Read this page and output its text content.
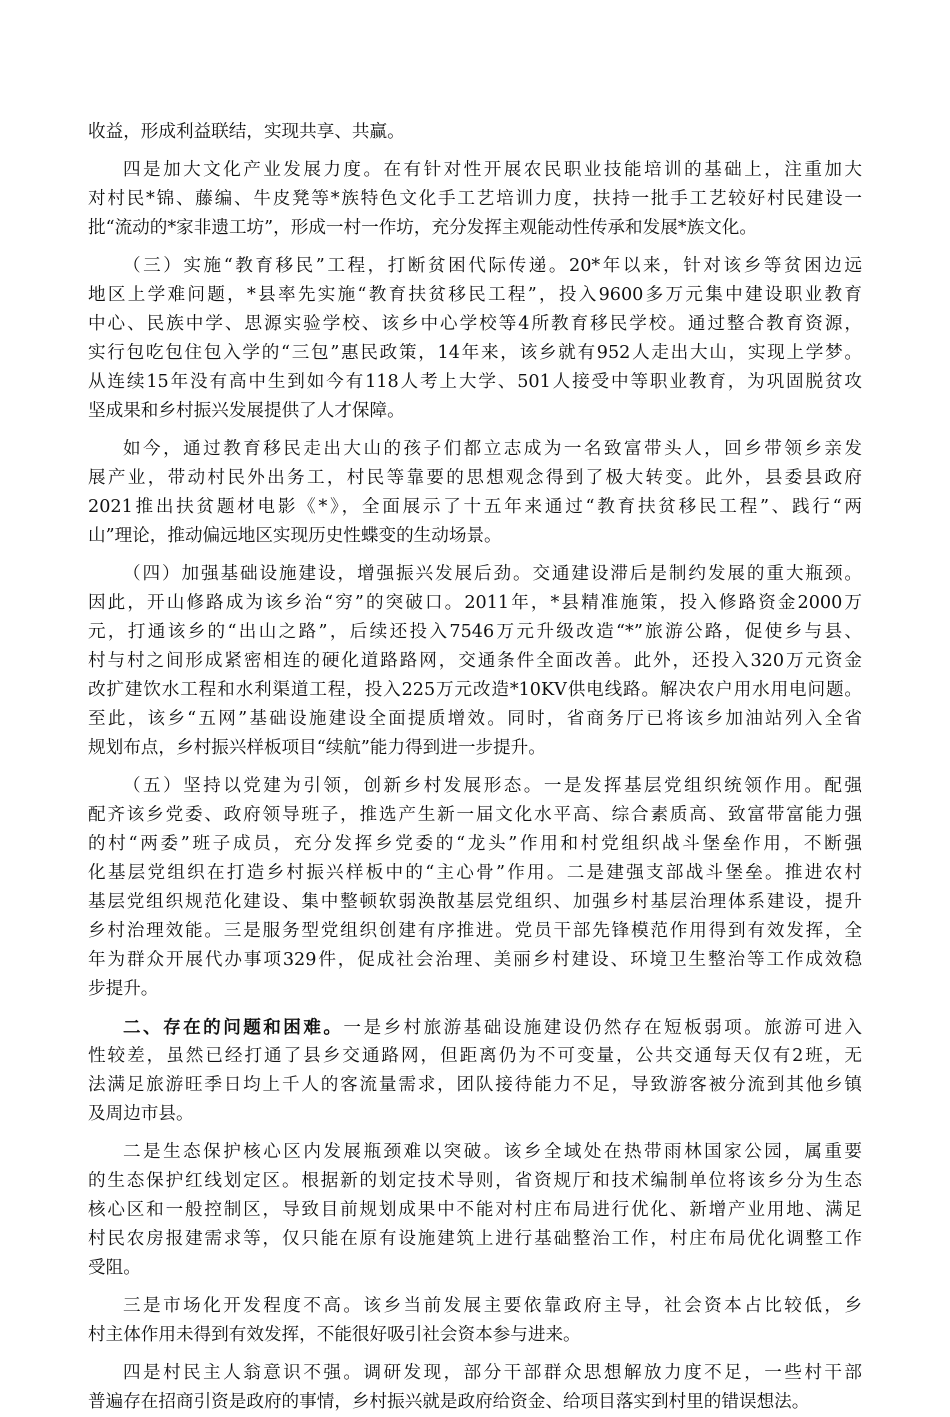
收益，形成利益联结，实现共享、共赢。
四是加大文化产业发展力度。在有针对性开展农民职业技能培训的基础上，注重加大
对村民*锦、藤编、牛皮凳等*族特色文化手工艺培训力度，扶持一批手工艺较好村民建设一
批“流动的*家非遗工坊”，形成一村一作坊，充分发挥主观能动性传承和发展*族文化。
（三）实施“教育移民”工程，打断贫困代际传递。20*年以来，针对该乡等贫困边远
地区上学难问题，*县率先实施“教育扶贫移民工程”，投入9600多万元集中建设职业教育
中心、民族中学、思源实验学校、该乡中心学校等4所教育移民学校。通过整合教育资源，
实行包吃包住包入学的“三包”惠民政策，14年来，该乡就有952人走出大山，实现上学梦。
从连续15年没有高中生到如今有118人考上大学、501人接受中等职业教育，为巩固脱贫攻
坚成果和乡村振兴发展提供了人才保障。
如今，通过教育移民走出大山的孩子们都立志成为一名致富带头人，回乡带领乡亲发
展产业，带动村民外出务工，村民等靠要的思想观念得到了极大转变。此外，县委县政府
2021推出扶贫题材电影《*》，全面展示了十五年来通过“教育扶贫移民工程”、践行“两
山”理论，推动偏远地区实现历史性蝶变的生动场景。
（四）加强基础设施建设，增强振兴发展后劲。交通建设滞后是制约发展的重大瓶颈。
因此，开山修路成为该乡治“穷”的突破口。2011年，*县精准施策，投入修路资金2000万
元，打通该乡的“出山之路”，后续还投入7546万元升级改造“*”旅游公路，促使乡与县、
村与村之间形成紧密相连的硬化道路路网，交通条件全面改善。此外，还投入320万元资金
改扩建饮水工程和水利渠道工程，投入225万元改造*10KV供电线路。解决农户用水用电问题。
至此，该乡“五网”基础设施建设全面提质增效。同时，省商务厅已将该乡加油站列入全省
规划布点，乡村振兴样板项目“续航”能力得到进一步提升。
（五）坚持以党建为引领，创新乡村发展形态。一是发挥基层党组织统领作用。配强
配齐该乡党委、政府领导班子，推选产生新一届文化水平高、综合素质高、致富带富能力强
的村“两委”班子成员，充分发挥乡党委的“龙头”作用和村党组织战斗堡垒作用，不断强
化基层党组织在打造乡村振兴样板中的“主心骨”作用。二是建强支部战斗堡垒。推进农村
基层党组织规范化建设、集中整顿软弱涣散基层党组织、加强乡村基层治理体系建设，提升
乡村治理效能。三是服务型党组织创建有序推进。党员干部先锋模范作用得到有效发挥，全
年为群众开展代办事项329件，促成社会治理、美丽乡村建设、环境卫生整治等工作成效稳
步提升。
二、存在的问题和困难。一是乡村旅游基础设施建设仍然存在短板弱项。旅游可进入
性较差，虽然已经打通了县乡交通路网，但距离仍为不可变量，公共交通每天仅有2班，无
法满足旅游旺季日均上千人的客流量需求，团队接待能力不足，导致游客被分流到其他乡镇
及周边市县。
二是生态保护核心区内发展瓶颈难以突破。该乡全域处在热带雨林国家公园，属重要
的生态保护红线划定区。根据新的划定技术导则，省资规厅和技术编制单位将该乡分为生态
核心区和一般控制区，导致目前规划成果中不能对村庄布局进行优化、新增产业用地、满足
村民农房报建需求等，仅只能在原有设施建筑上进行基础整治工作，村庄布局优化调整工作
受阻。
三是市场化开发程度不高。该乡当前发展主要依靠政府主导，社会资本占比较低，乡
村主体作用未得到有效发挥，不能很好吸引社会资本参与进来。
四是村民主人翁意识不强。调研发现，部分干部群众思想解放力度不足，一些村干部
普遍存在招商引资是政府的事情，乡村振兴就是政府给资金、给项目落实到村里的错误想法。
